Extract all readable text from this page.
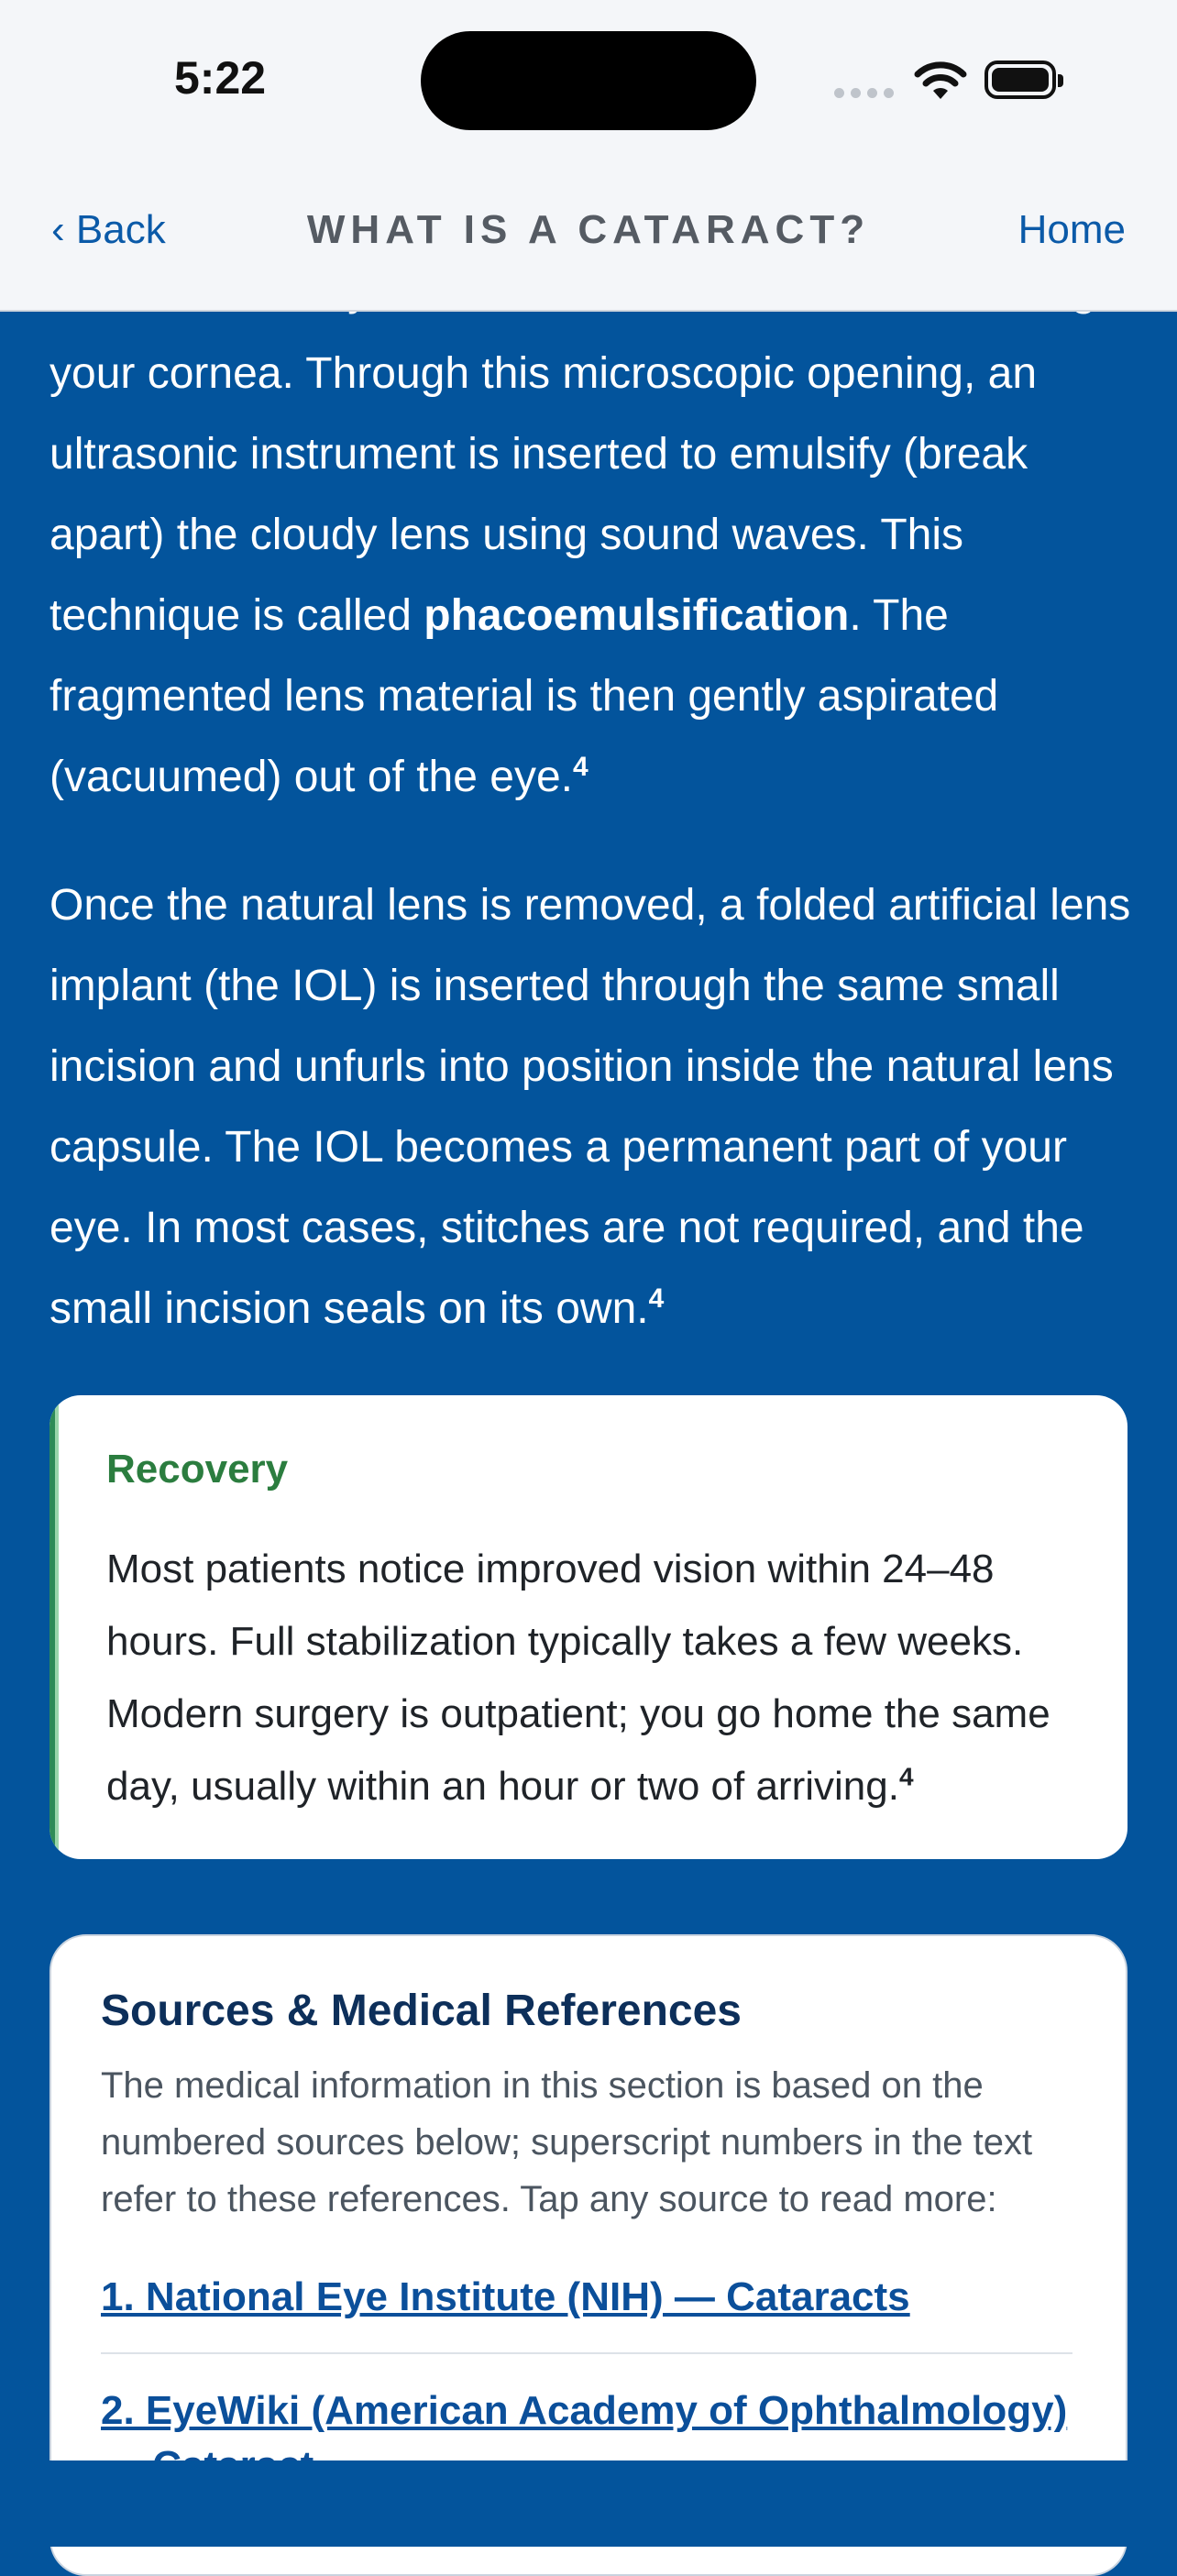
your cornea. Through this microscopic opening, an ultrasonic instrument is inserted to emulsify (break apart) the cloudy lens using sound waves. This technique is called phacoemulsification. The fragmented lens material is then gently aspirated (vacuumed) out of the eye.$^4$
Once the natural lens is removed, a folded artificial lens implant (the IOL) is inserted through the same small incision and unfurls into position inside the natural lens capsule. The IOL becomes a permanent part of your eye. In most cases, stitches are not required, and the small incision seals on its own.$^4$
Recovery

Most patients notice improved vision within 24–48 hours. Full stabilization typically takes a few weeks. Modern surgery is outpatient; you go home the same day, usually within an hour or two of arriving.$^4$

Sources & Medical References

The medical information in this section is based on the numbered sources below; superscript numbers in the text refer to these references. Tap any source to read more:

1. National Eye Institute (NIH) — Cataracts
2. EyeWiki (American Academy of Ophthalmology)
5:22
‹ Back	WHAT IS A CATARACT?	Home
